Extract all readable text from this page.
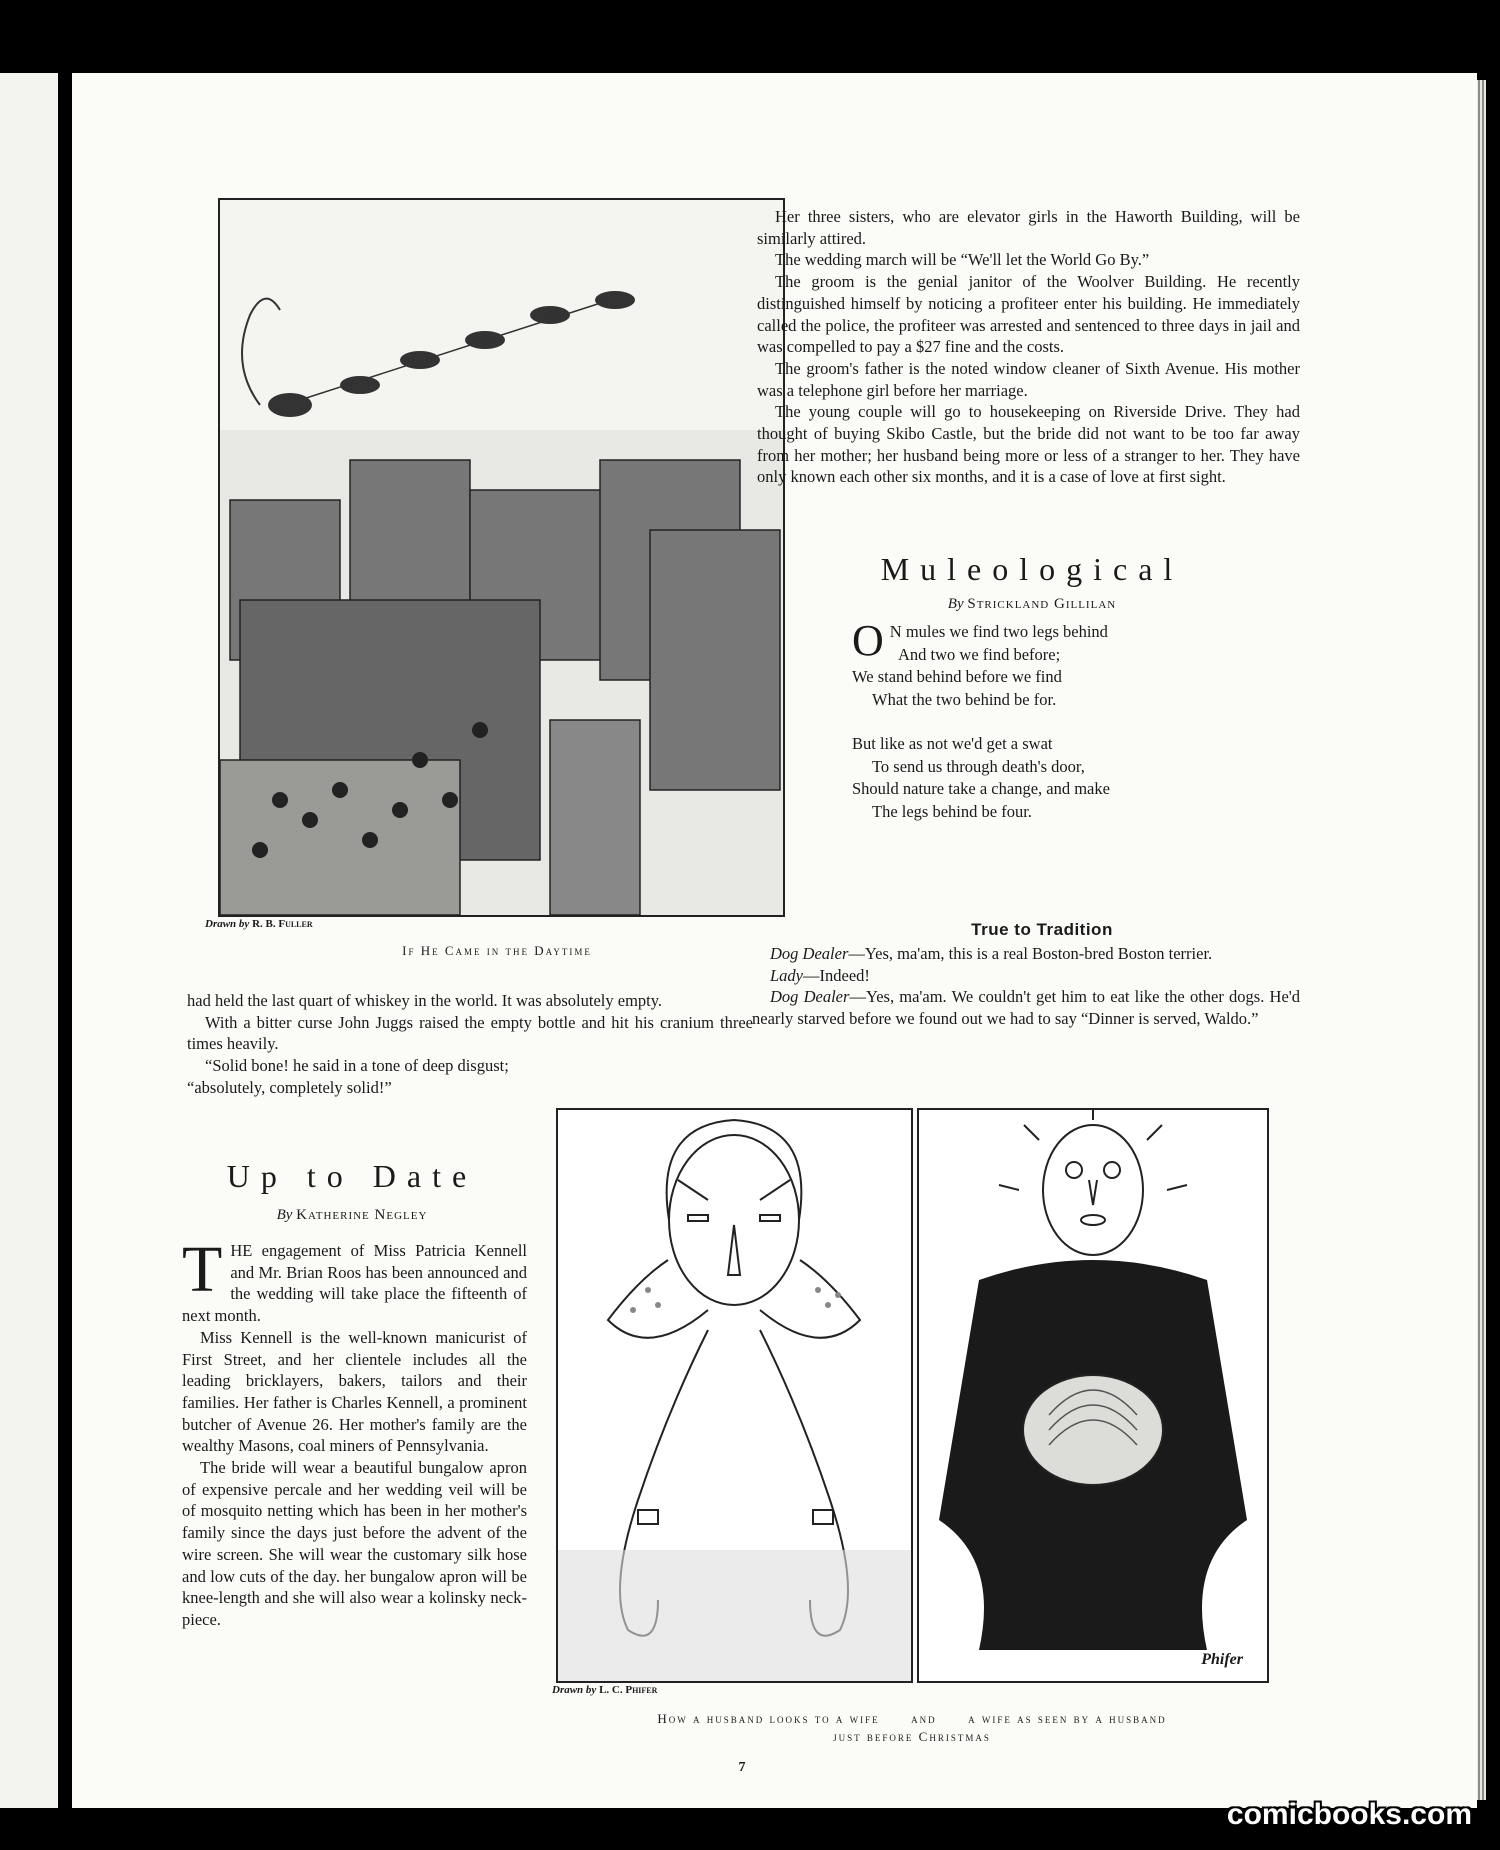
Drawn by R. B. Fuller
If He Came in the Daytime

had held the last quart of whiskey in the world. It was absolutely empty.

With a bitter curse John Juggs raised the empty bottle and hit his cranium three times heavily.

“Solid bone! he said in a tone of deep disgust; “absolutely, completely solid!”

Up to Date
By Katherine Negley

THE engagement of Miss Patricia Kennell and Mr. Brian Roos has been announced and the wedding will take place the fifteenth of next month.

Miss Kennell is the well-known manicurist of First Street, and her clientele includes all the leading bricklayers, bakers, tailors and their families. Her father is Charles Kennell, a prominent butcher of Avenue 26. Her mother's family are the wealthy Masons, coal miners of Pennsylvania.

The bride will wear a beautiful bungalow apron of expensive percale and her wedding veil will be of mosquito netting which has been in her mother's family since the days just before the advent of the wire screen. She will wear the customary silk hose and low cuts of the day. her bungalow apron will be knee-length and she will also wear a kolinsky neck-piece.

Her three sisters, who are elevator girls in the Haworth Building, will be similarly attired.

The wedding march will be “We'll let the World Go By.”

The groom is the genial janitor of the Woolver Building. He recently distinguished himself by noticing a profiteer enter his building. He immediately called the police, the profiteer was arrested and sentenced to three days in jail and was compelled to pay a $27 fine and the costs.

The groom's father is the noted window cleaner of Sixth Avenue. His mother was a telephone girl before her marriage.

The young couple will go to housekeeping on Riverside Drive. They had thought of buying Skibo Castle, but the bride did not want to be too far away from her mother; her husband being more or less of a stranger to her. They have only known each other six months, and it is a case of love at first sight.

Muleological
By Strickland Gillilan
O N mules we find two legs behind
And two we find before;
We stand behind before we find
What the two behind be for.
But like as not we'd get a swat
To send us through death's door,
Should nature take a change, and make
The legs behind be four.
True to Tradition

Dog Dealer—Yes, ma'am, this is a real Boston-bred Boston terrier.

Lady—Indeed!

Dog Dealer—Yes, ma'am. We couldn't get him to eat like the other dogs. He'd nearly starved before we found out we had to say “Dinner is served, Waldo.”

Phifer
Drawn by L. C. Phifer
How a husband looks to a wife      and      a wife as seen by a husband
just before Christmas
7
comicbooks.com
